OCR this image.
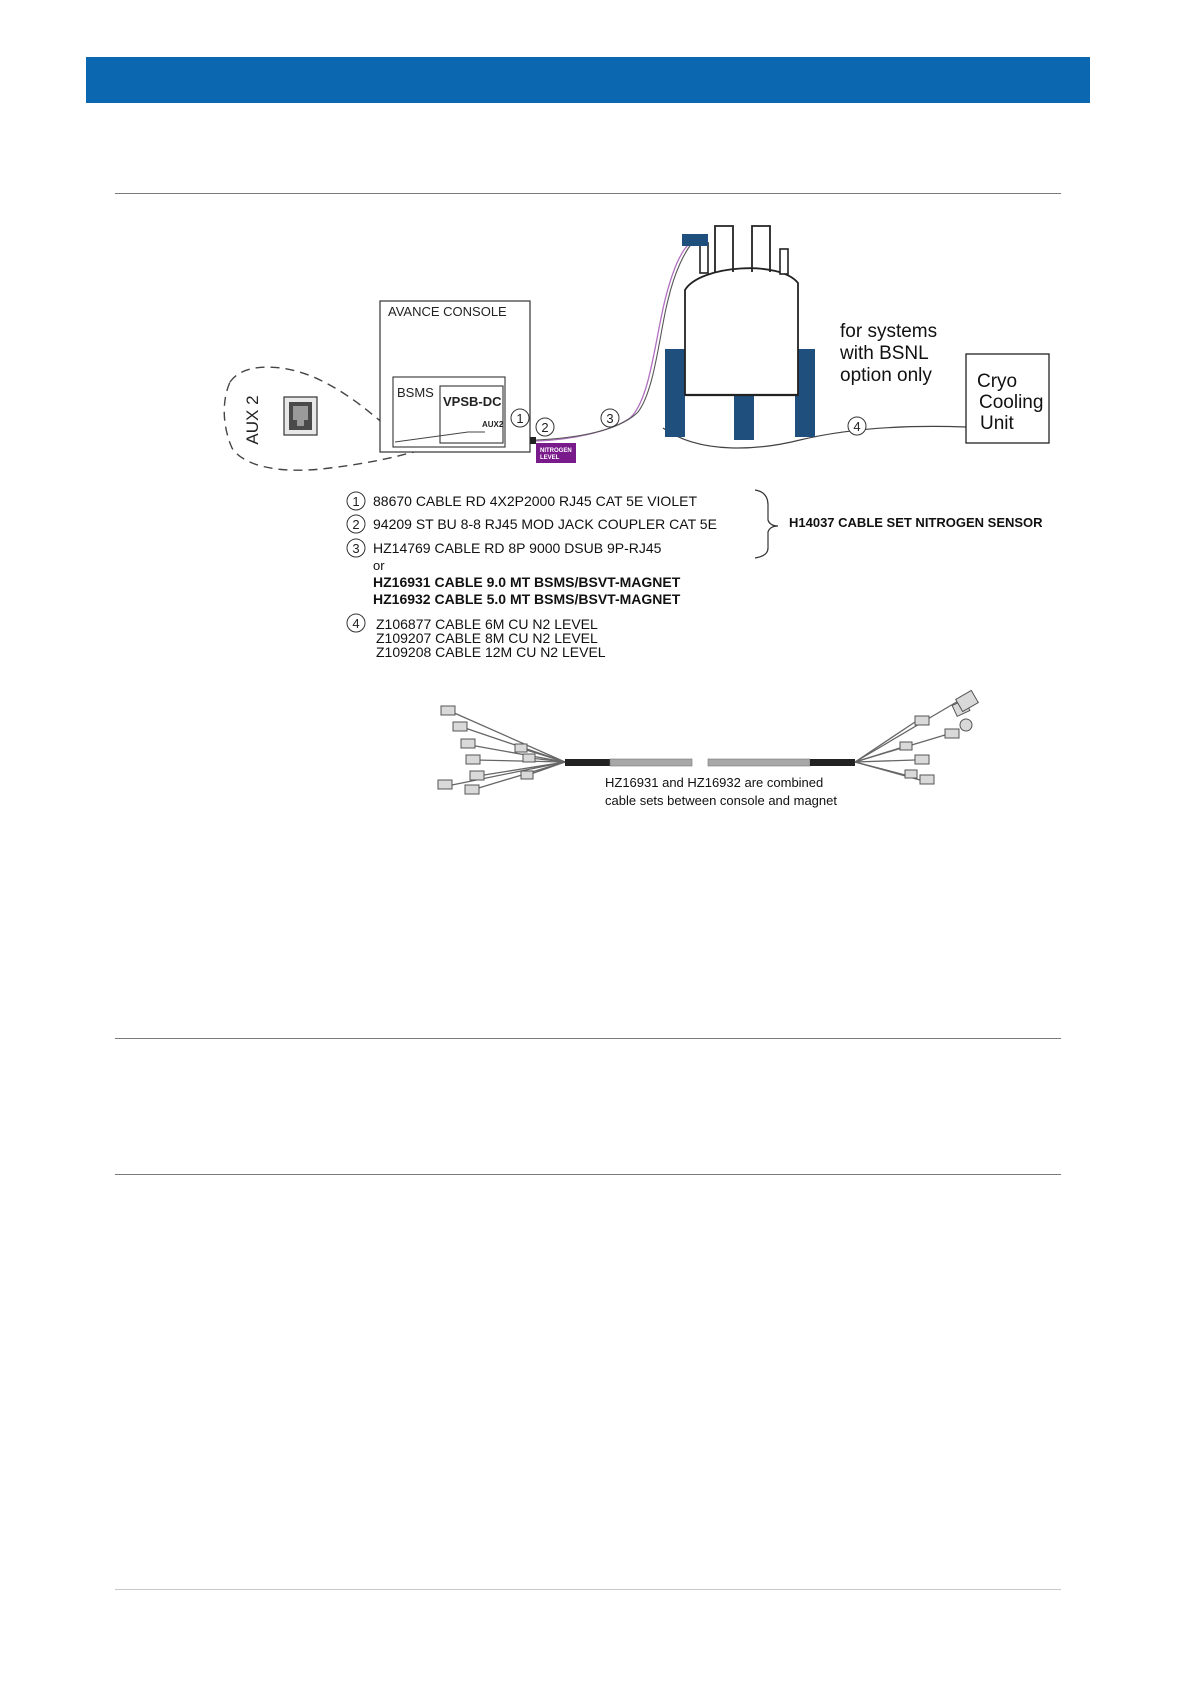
AUX 2
AVANCE CONSOLE
BSMS
VPSB-DC
AUX2
NITROGEN
LEVEL
1
2
3
4
for systems
with BSNL
option only Cryo
Cooling
Unit
1 88670 CABLE RD 4X2P2000 RJ45 CAT 5E VIOLET
2 94209 ST BU 8-8 RJ45 MOD JACK COUPLER CAT 5E
3 HZ14769 CABLE RD 8P 9000 DSUB 9P-RJ45
or
HZ16931 CABLE 9.0 MT BSMS/BSVT-MAGNET
HZ16932 CABLE 5.0 MT BSMS/BSVT-MAGNET
4 Z106877 CABLE 6M CU N2 LEVEL
Z109207 CABLE 8M CU N2 LEVEL
Z109208 CABLE 12M CU N2 LEVEL
H14037 CABLE SET NITROGEN SENSOR
HZ16931 and HZ16932 are combined
cable sets between console and magnet
